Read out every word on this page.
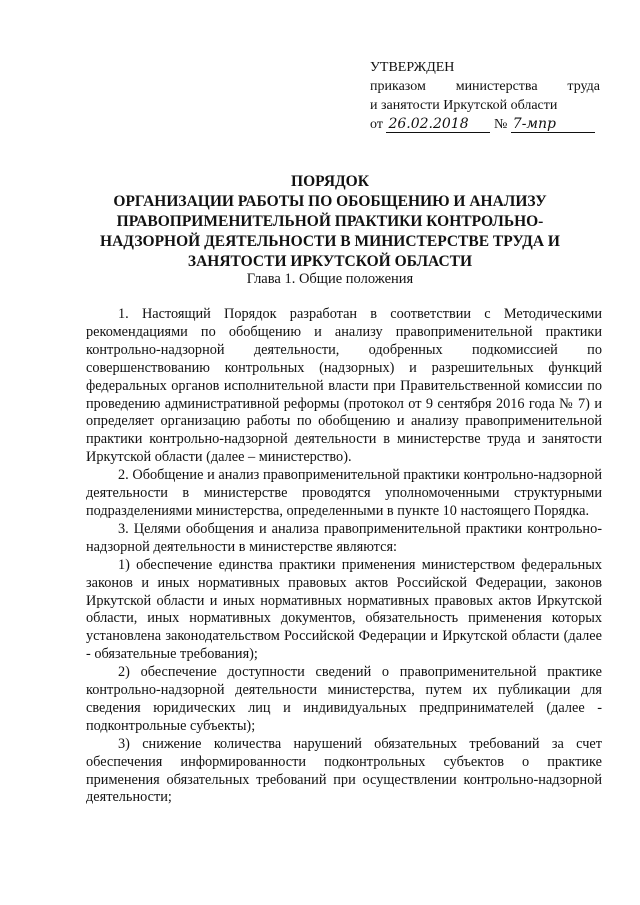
УТВЕРЖДЕН
приказом министерства труда
и занятости Иркутской области
от 26.02.2018 № 7-мпр
ПОРЯДОК
ОРГАНИЗАЦИИ РАБОТЫ ПО ОБОБЩЕНИЮ И АНАЛИЗУ
ПРАВОПРИМЕНИТЕЛЬНОЙ ПРАКТИКИ КОНТРОЛЬНО-
НАДЗОРНОЙ ДЕЯТЕЛЬНОСТИ В МИНИСТЕРСТВЕ ТРУДА И
ЗАНЯТОСТИ ИРКУТСКОЙ ОБЛАСТИ
Глава 1. Общие положения

1. Настоящий Порядок разработан в соответствии с Методическими рекомендациями по обобщению и анализу правоприменительной практики контрольно-надзорной деятельности, одобренных подкомиссией по совершенствованию контрольных (надзорных) и разрешительных функций федеральных органов исполнительной власти при Правительственной комиссии по проведению административной реформы (протокол от 9 сентября 2016 года № 7) и определяет организацию работы по обобщению и анализу правоприменительной практики контрольно-надзорной деятельности в министерстве труда и занятости Иркутской области (далее – министерство).

2. Обобщение и анализ правоприменительной практики контрольно-надзорной деятельности в министерстве проводятся уполномоченными структурными подразделениями министерства, определенными в пункте 10 настоящего Порядка.

3. Целями обобщения и анализа правоприменительной практики контрольно-надзорной деятельности в министерстве являются:

1) обеспечение единства практики применения министерством федеральных законов и иных нормативных правовых актов Российской Федерации, законов Иркутской области и иных нормативных нормативных правовых актов Иркутской области, иных нормативных документов, обязательность применения которых установлена законодательством Российской Федерации и Иркутской области (далее - обязательные требования);

2) обеспечение доступности сведений о правоприменительной практике контрольно-надзорной деятельности министерства, путем их публикации для сведения юридических лиц и индивидуальных предпринимателей (далее - подконтрольные субъекты);

3) снижение количества нарушений обязательных требований за счет обеспечения информированности подконтрольных субъектов о практике применения обязательных требований при осуществлении контрольно-надзорной деятельности;
